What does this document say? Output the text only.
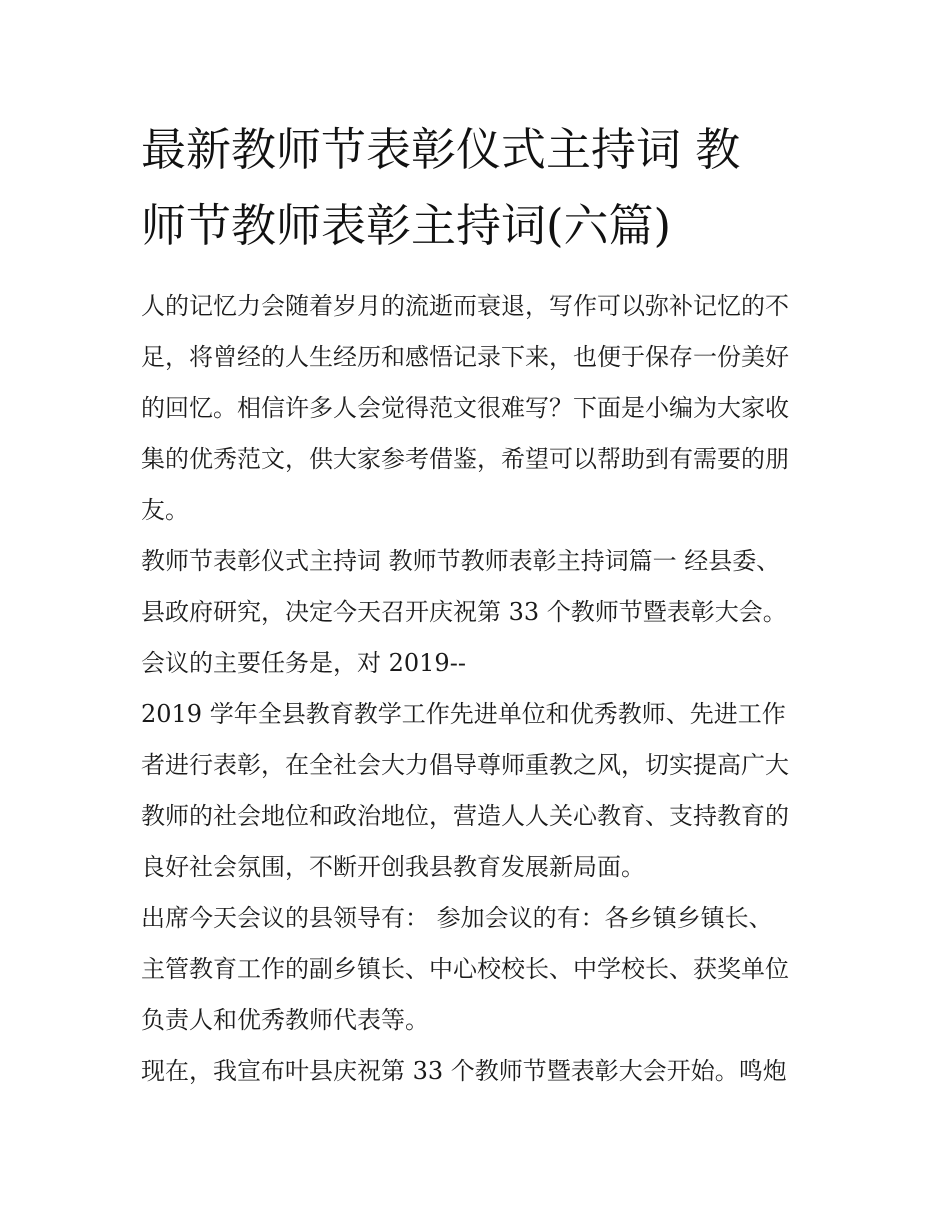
最新教师节表彰仪式主持词 教
师节教师表彰主持词(六篇)

人的记忆力会随着岁月的流逝而衰退，写作可以弥补记忆的不
足，将曾经的人生经历和感悟记录下来，也便于保存一份美好
的回忆。相信许多人会觉得范文很难写？下面是小编为大家收
集的优秀范文，供大家参考借鉴，希望可以帮助到有需要的朋
友。

教师节表彰仪式主持词 教师节教师表彰主持词篇一 经县委、
县政府研究，决定今天召开庆祝第 33 个教师节暨表彰大会。
会议的主要任务是，对 2019--

2019 学年全县教育教学工作先进单位和优秀教师、先进工作
者进行表彰，在全社会大力倡导尊师重教之风，切实提高广大
教师的社会地位和政治地位，营造人人关心教育、支持教育的
良好社会氛围，不断开创我县教育发展新局面。

出席今天会议的县领导有： 参加会议的有：各乡镇乡镇长、
主管教育工作的副乡镇长、中心校校长、中学校长、获奖单位
负责人和优秀教师代表等。

现在，我宣布叶县庆祝第 33 个教师节暨表彰大会开始。鸣炮
